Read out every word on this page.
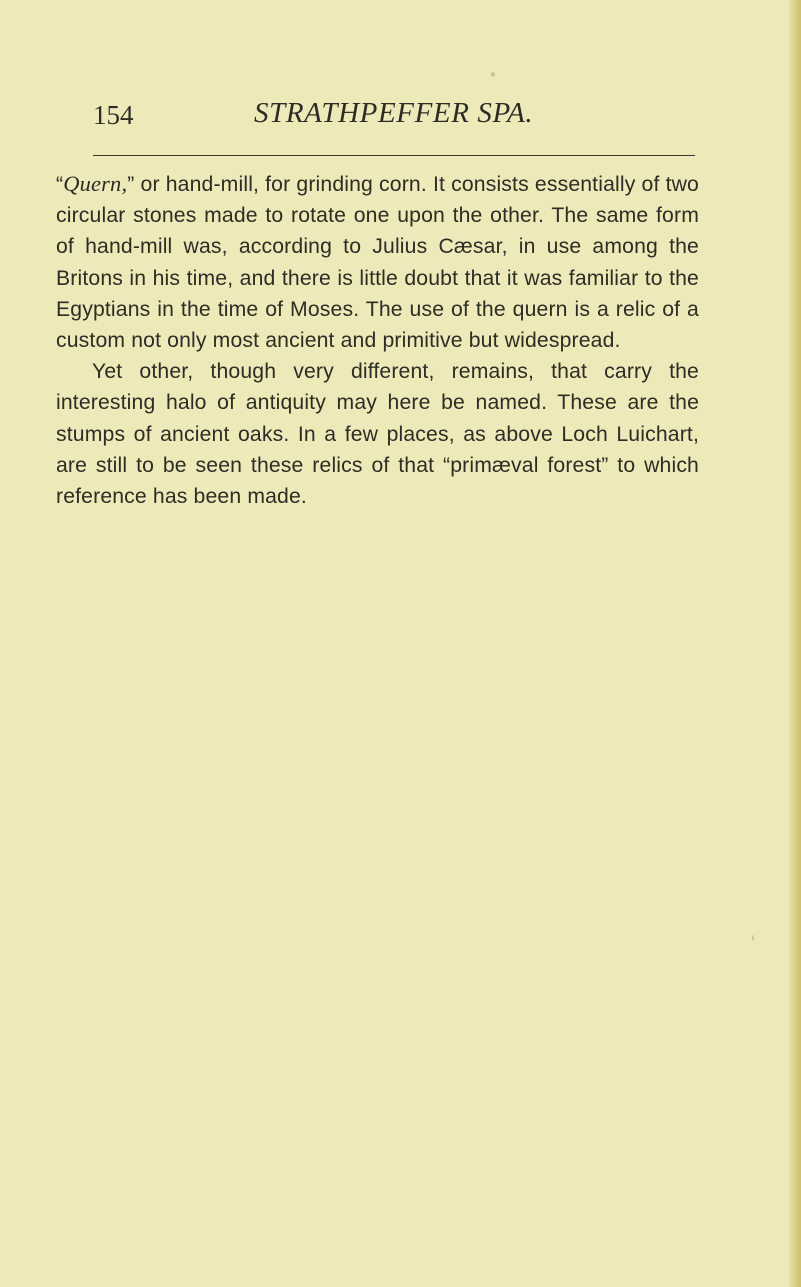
154	STRATHPEFFER SPA.

“Quern,” or hand-mill, for grinding corn. It consists essentially of two circular stones made to rotate one upon the other. The same form of hand-mill was, according to Julius Cæsar, in use among the Britons in his time, and there is little doubt that it was familiar to the Egyptians in the time of Moses. The use of the quern is a relic of a custom not only most ancient and primitive but widespread.

Yet other, though very different, remains, that carry the interesting halo of antiquity may here be named. These are the stumps of ancient oaks. In a few places, as above Loch Luichart, are still to be seen these relics of that “primæval forest” to which reference has been made.
